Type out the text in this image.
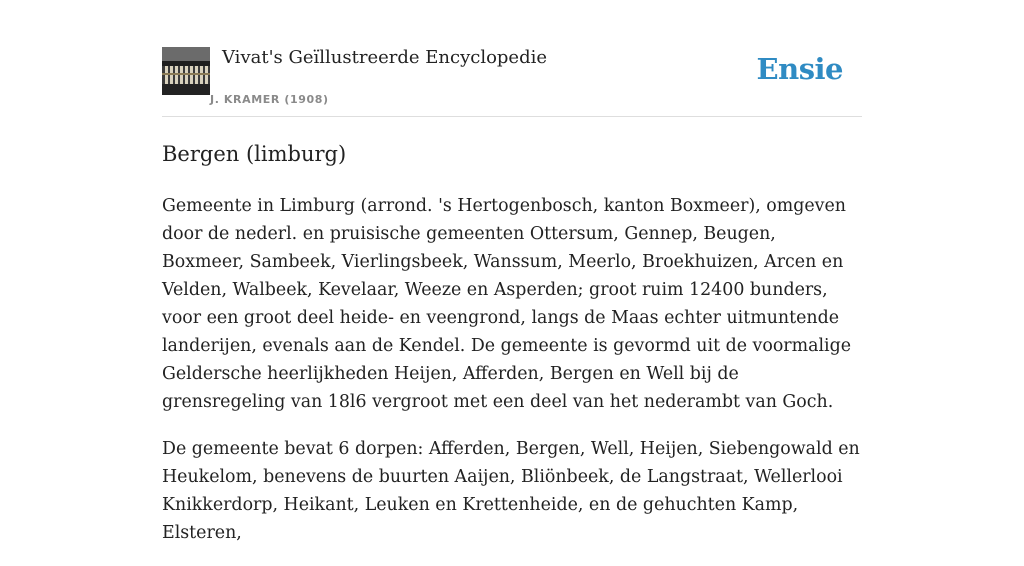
Vivat's Geïllustreerde Encyclopedie
J. KRAMER (1908)
Ensie
Bergen (limburg)

Gemeente in Limburg (arrond. 's Hertogenbosch, kanton Boxmeer), omgeven door de nederl. en pruisische gemeenten Ottersum, Gennep, Beugen, Boxmeer, Sambeek, Vierlingsbeek, Wanssum, Meerlo, Broekhuizen, Arcen en Velden, Walbeek, Kevelaar, Weeze en Asperden; groot ruim 12400 bunders, voor een groot deel heide- en veengrond, langs de Maas echter uitmuntende landerijen, evenals aan de Kendel. De gemeente is gevormd uit de voormalige Geldersche heerlijkheden Heijen, Afferden, Bergen en Well bij de grensregeling van 18l6 vergroot met een deel van het nederambt van Goch.

De gemeente bevat 6 dorpen: Afferden, Bergen, Well, Heijen, Siebengowald en Heukelom, benevens de buurten Aaijen, Bliönbeek, de Langstraat, Wellerlooi Knikkerdorp, Heikant, Leuken en Krettenheide, en de gehuchten Kamp, Elsteren,
